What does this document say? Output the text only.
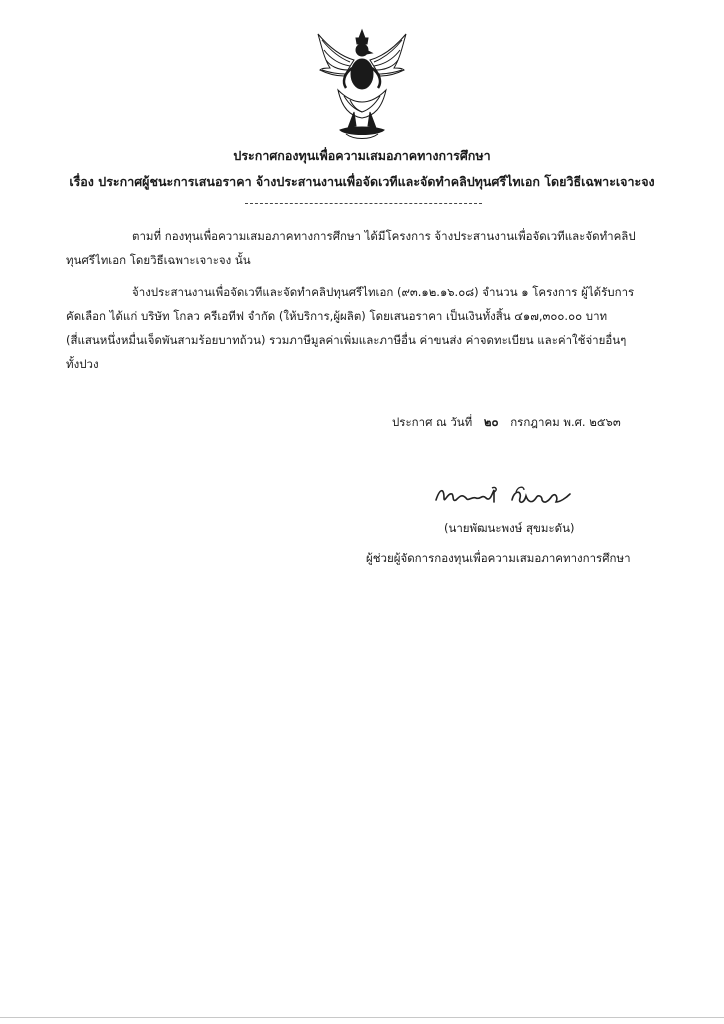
ประกาศกองทุนเพื่อความเสมอภาคทางการศึกษา
เรื่อง ประกาศผู้ชนะการเสนอราคา จ้างประสานงานเพื่อจัดเวทีและจัดทำคลิปทุนศรีไทเอก โดยวิธีเฉพาะเจาะจง
ตามที่ กองทุนเพื่อความเสมอภาคทางการศึกษา ได้มีโครงการ จ้างประสานงานเพื่อจัดเวทีและจัดทำคลิป
ทุนศรีไทเอก โดยวิธีเฉพาะเจาะจง นั้น
จ้างประสานงานเพื่อจัดเวทีและจัดทำคลิปทุนศรีไทเอก (๙๓.๑๒.๑๖.๐๘) จำนวน ๑ โครงการ ผู้ได้รับการ
คัดเลือก ได้แก่ บริษัท โกลว ครีเอทีฟ จำกัด (ให้บริการ,ผู้ผลิต) โดยเสนอราคา เป็นเงินทั้งสิ้น ๔๑๗,๓๐๐.๐๐ บาท
(สี่แสนหนึ่งหมื่นเจ็ดพันสามร้อยบาทถ้วน) รวมภาษีมูลค่าเพิ่มและภาษีอื่น ค่าขนส่ง ค่าจดทะเบียน และค่าใช้จ่ายอื่นๆ
ทั้งปวง
ประกาศ ณ วันที่ ๒๐ กรกฎาคม พ.ศ. ๒๕๖๓
(นายพัฒนะพงษ์ สุขมะดัน)
ผู้ช่วยผู้จัดการกองทุนเพื่อความเสมอภาคทางการศึกษา
